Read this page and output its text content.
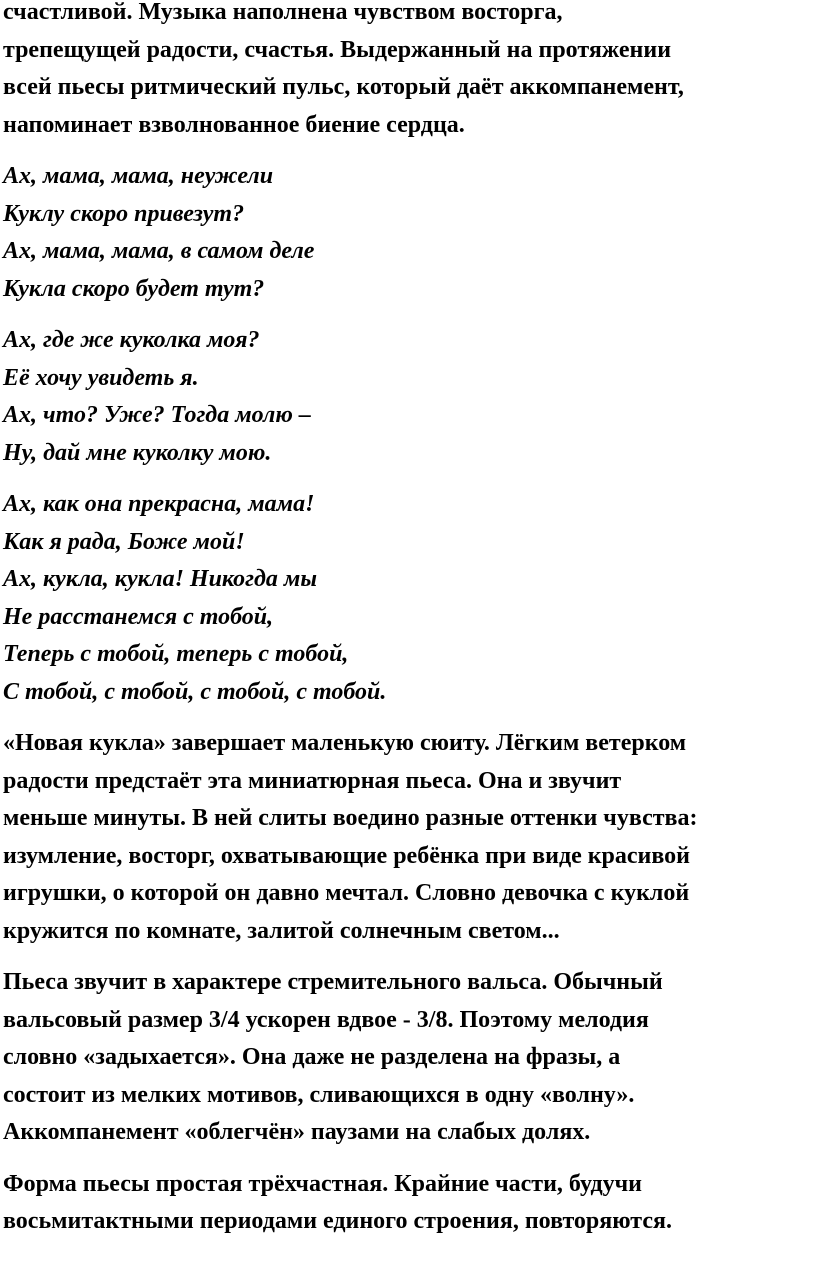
счастливой. Музыка наполнена чувством восторга,
трепещущей радости, счастья. Выдержанный на протяжении
всей пьесы ритмический пульс, который даёт аккомпанемент,
напоминает взволнованное биение сердца.

Ах, мама, мама, неужели
Куклу скоро привезут?
Ах, мама, мама, в самом деле
Кукла скоро будет тут?

Ах, где же куколка моя?
Её хочу увидеть я.
Ах, что? Уже? Тогда молю –
Ну, дай мне куколку мою.

Ах, как она прекрасна, мама!
Как я рада, Боже мой!
Ах, кукла, кукла! Никогда мы
Не расстанемся с тобой,
Теперь с тобой, теперь с тобой,
С тобой, с тобой, с тобой, с тобой.

«Новая кукла» завершает маленькую сюиту. Лёгким ветерком
радости предстаёт эта миниатюрная пьеса. Она и звучит
меньше минуты. В ней слиты воедино разные оттенки чувства:
изумление, восторг, охватывающие ребёнка при виде красивой
игрушки, о которой он давно мечтал. Словно девочка с куклой
кружится по комнате, залитой солнечным светом...

Пьеса звучит в характере стремительного вальса. Обычный
вальсовый размер 3/4 ускорен вдвое - 3/8. Поэтому мелодия
словно «задыхается». Она даже не разделена на фразы, а
состоит из мелких мотивов, сливающихся в одну «волну».
Аккомпанемент «облегчён» паузами на слабых долях.

Форма пьесы простая трёхчастная. Крайние части, будучи
восьмитактными периодами единого строения, повторяются.
